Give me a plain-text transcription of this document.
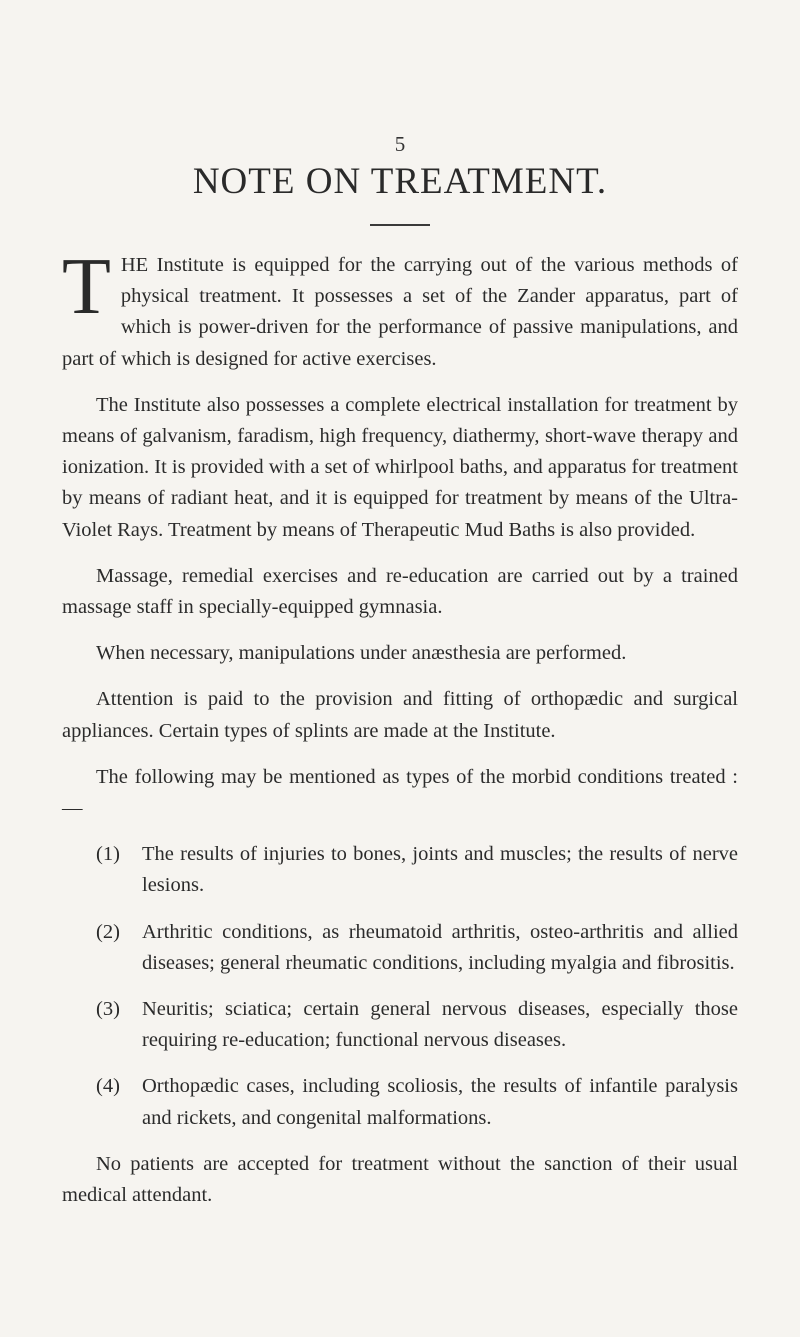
5
NOTE ON TREATMENT.

THE Institute is equipped for the carrying out of the various methods of physical treatment. It possesses a set of the Zander apparatus, part of which is power-driven for the performance of passive manipulations, and part of which is designed for active exercises.

The Institute also possesses a complete electrical installation for treatment by means of galvanism, faradism, high frequency, diathermy, short-wave therapy and ionization. It is provided with a set of whirlpool baths, and apparatus for treatment by means of radiant heat, and it is equipped for treatment by means of the Ultra-Violet Rays. Treatment by means of Therapeutic Mud Baths is also provided.

Massage, remedial exercises and re-education are carried out by a trained massage staff in specially-equipped gymnasia.

When necessary, manipulations under anæsthesia are performed.

Attention is paid to the provision and fitting of orthopædic and surgical appliances. Certain types of splints are made at the Institute.

The following may be mentioned as types of the morbid conditions treated :—

(1)	The results of injuries to bones, joints and muscles; the results of nerve lesions.
(2)	Arthritic conditions, as rheumatoid arthritis, osteo-arthritis and allied diseases; general rheumatic conditions, including myalgia and fibrositis.
(3)	Neuritis; sciatica; certain general nervous diseases, especially those requiring re-education; functional nervous diseases.
(4)	Orthopædic cases, including scoliosis, the results of infantile paralysis and rickets, and congenital malformations.

No patients are accepted for treatment without the sanction of their usual medical attendant.
